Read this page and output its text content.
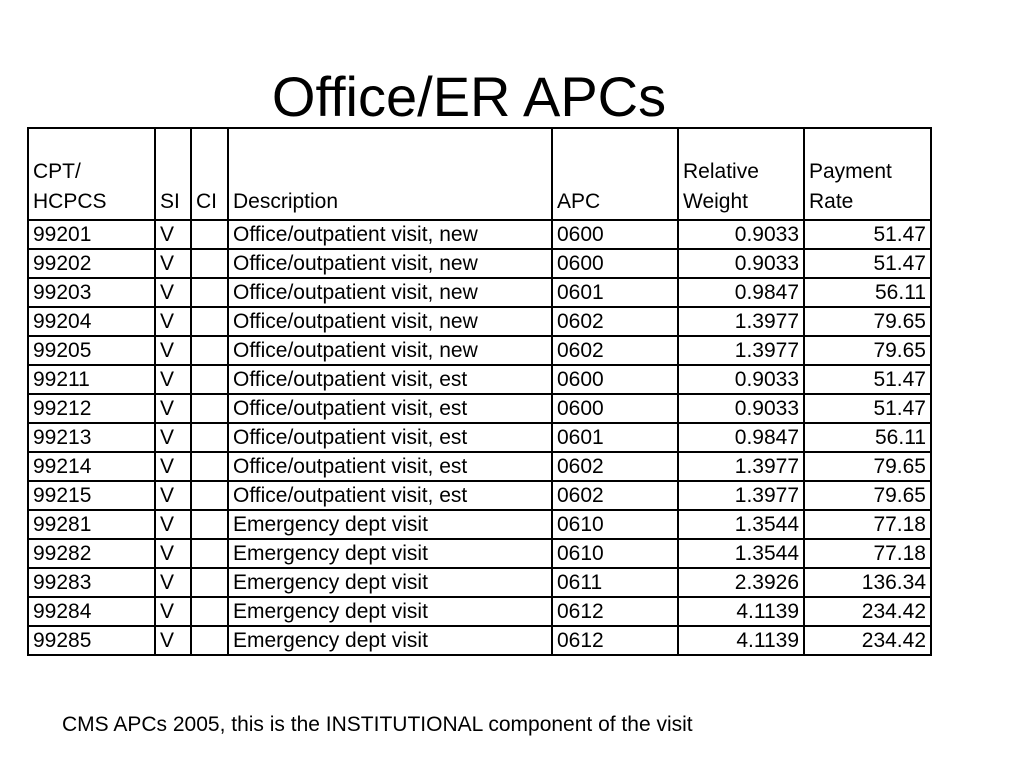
Office/ER APCs
CPT/ HCPCS	SI	CI	Description	APC	Relative Weight	Payment Rate
99201	V		Office/outpatient visit, new	0600	0.9033	51.47
99202	V		Office/outpatient visit, new	0600	0.9033	51.47
99203	V		Office/outpatient visit, new	0601	0.9847	56.11
99204	V		Office/outpatient visit, new	0602	1.3977	79.65
99205	V		Office/outpatient visit, new	0602	1.3977	79.65
99211	V		Office/outpatient visit, est	0600	0.9033	51.47
99212	V		Office/outpatient visit, est	0600	0.9033	51.47
99213	V		Office/outpatient visit, est	0601	0.9847	56.11
99214	V		Office/outpatient visit, est	0602	1.3977	79.65
99215	V		Office/outpatient visit, est	0602	1.3977	79.65
99281	V		Emergency dept visit	0610	1.3544	77.18
99282	V		Emergency dept visit	0610	1.3544	77.18
99283	V		Emergency dept visit	0611	2.3926	136.34
99284	V		Emergency dept visit	0612	4.1139	234.42
99285	V		Emergency dept visit	0612	4.1139	234.42

CMS APCs 2005, this is the INSTITUTIONAL component of the visit
